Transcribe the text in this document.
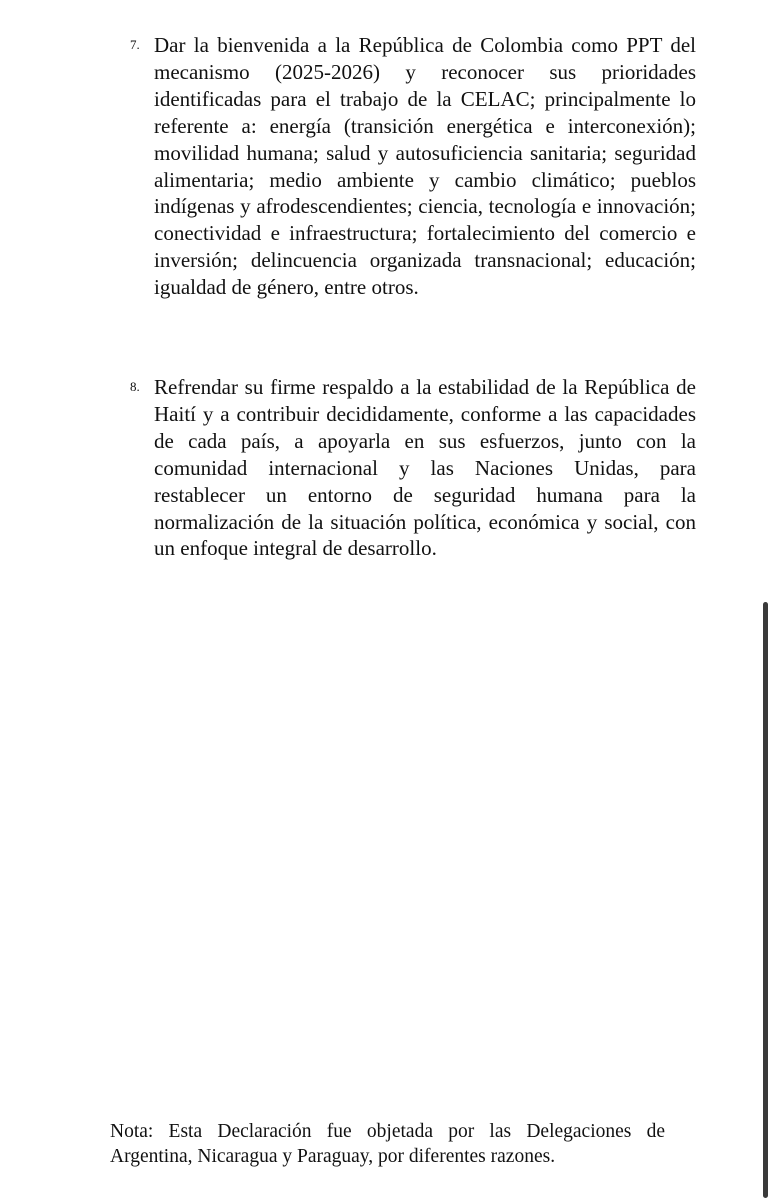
7. Dar la bienvenida a la República de Colombia como PPT del mecanismo (2025-2026) y reconocer sus prioridades identificadas para el trabajo de la CELAC; principalmente lo referente a: energía (transición energética e interconexión); movilidad humana; salud y autosuficiencia sanitaria; seguridad alimentaria; medio ambiente y cambio climático; pueblos indígenas y afrodescendientes; ciencia, tecnología e innovación; conectividad e infraestructura; fortalecimiento del comercio e inversión; delincuencia organizada transnacional; educación; igualdad de género, entre otros.

8. Refrendar su firme respaldo a la estabilidad de la República de Haití y a contribuir decididamente, conforme a las capacidades de cada país, a apoyarla en sus esfuerzos, junto con la comunidad internacional y las Naciones Unidas, para restablecer un entorno de seguridad humana para la normalización de la situación política, económica y social, con un enfoque integral de desarrollo.

Nota: Esta Declaración fue objetada por las Delegaciones de Argentina, Nicaragua y Paraguay, por diferentes razones.
